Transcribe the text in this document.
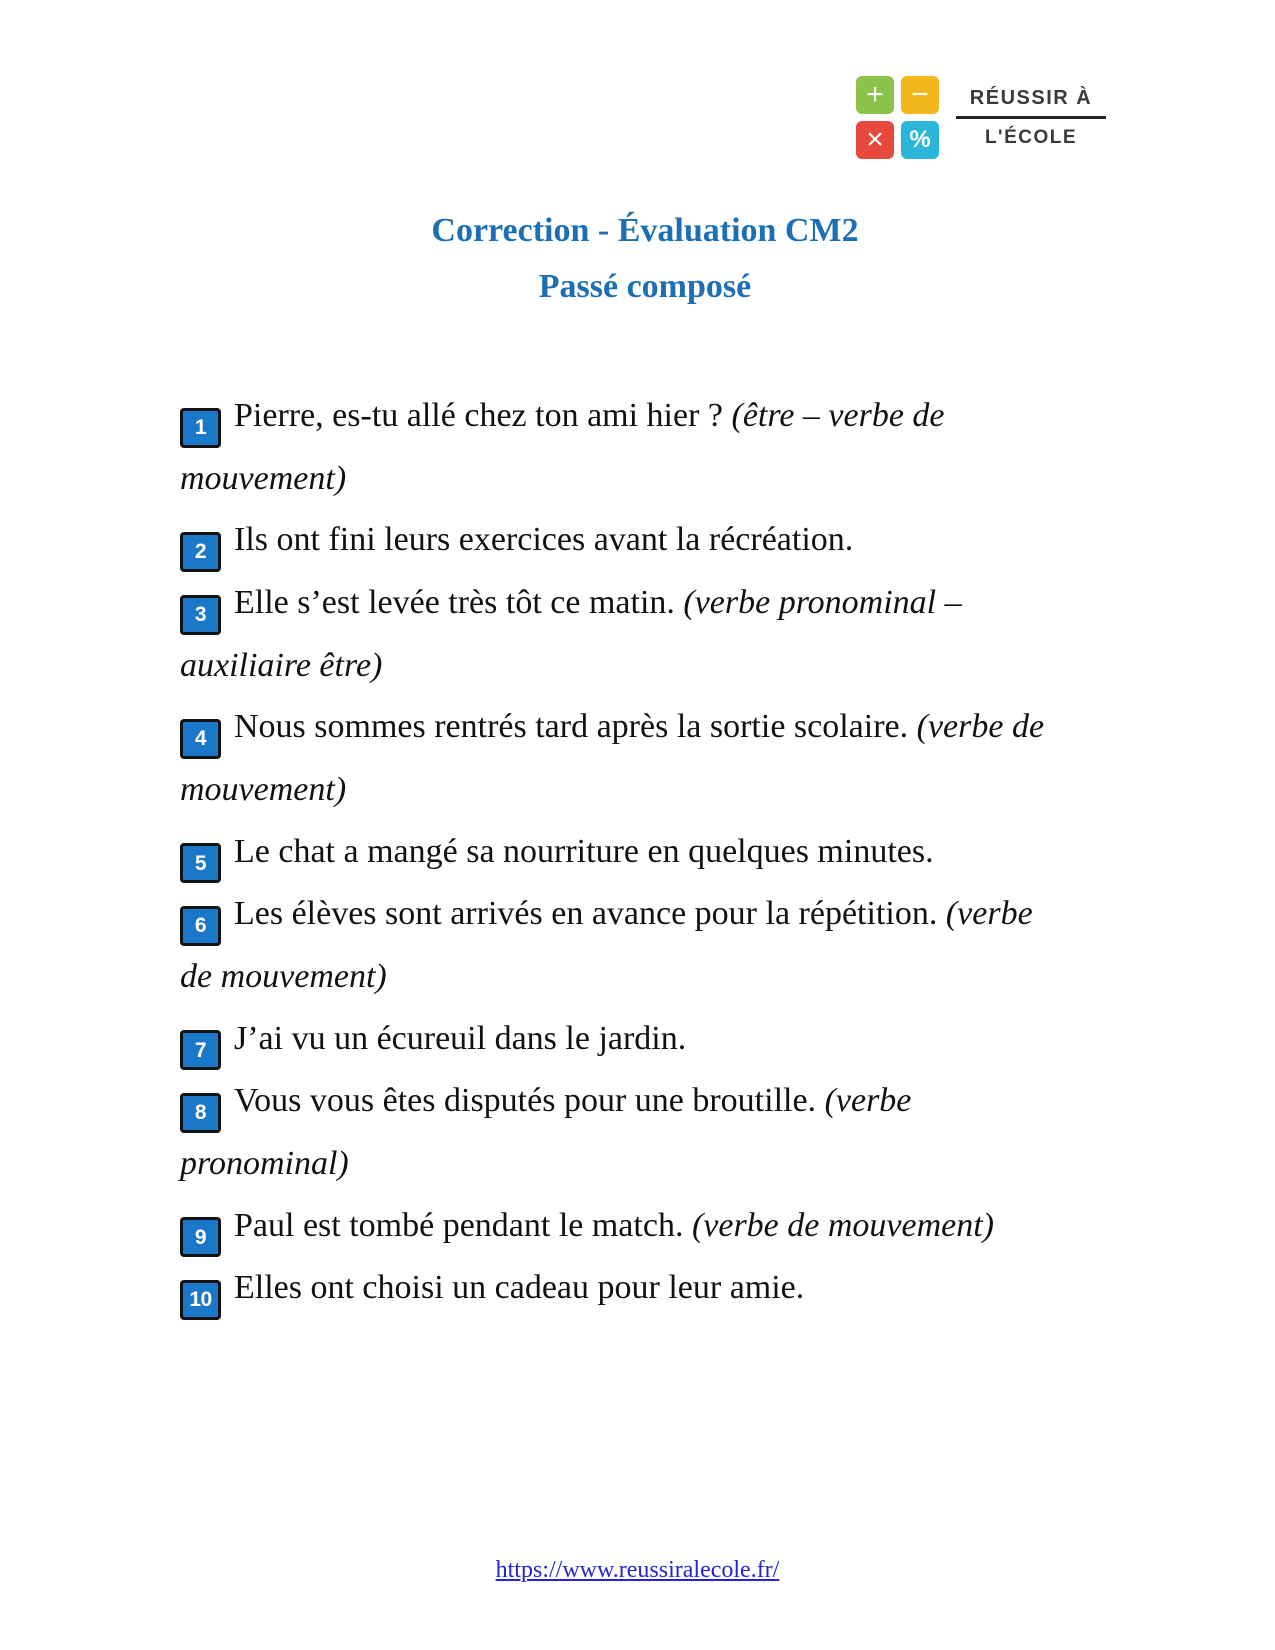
+ −
×	%
RÉUSSIR À
L'ÉCOLE
Correction - Évaluation CM2
Passé composé

1 Pierre, es-tu allé chez ton ami hier ? (être – verbe de mouvement)

2 Ils ont fini leurs exercices avant la récréation.

3 Elle s’est levée très tôt ce matin. (verbe pronominal – auxiliaire être)

4 Nous sommes rentrés tard après la sortie scolaire. (verbe de mouvement)

5 Le chat a mangé sa nourriture en quelques minutes.

6 Les élèves sont arrivés en avance pour la répétition. (verbe de mouvement)

7 J’ai vu un écureuil dans le jardin.

8 Vous vous êtes disputés pour une broutille. (verbe pronominal)

9 Paul est tombé pendant le match. (verbe de mouvement)

10 Elles ont choisi un cadeau pour leur amie.

https://www.reussiralecole.fr/
